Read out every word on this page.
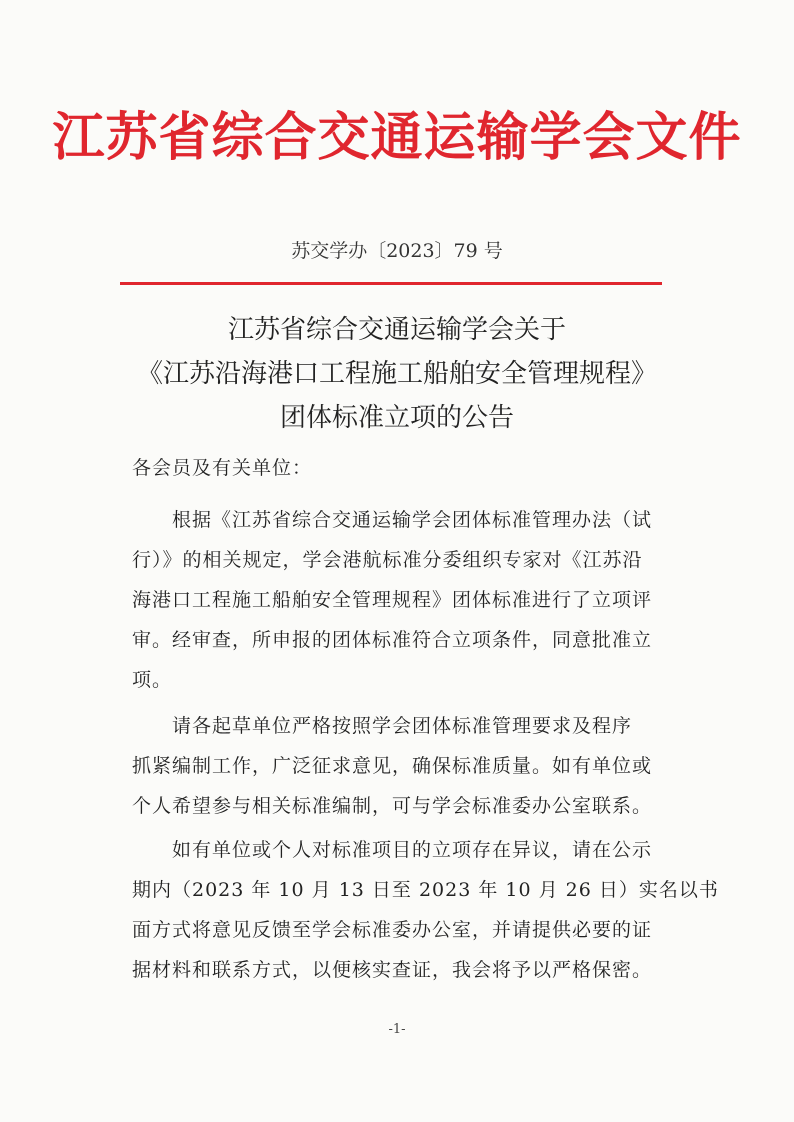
江苏省综合交通运输学会文件
苏交学办〔2023〕79 号
江苏省综合交通运输学会关于
《江苏沿海港口工程施工船舶安全管理规程》
团体标准立项的公告
各会员及有关单位：
根据《江苏省综合交通运输学会团体标准管理办法（试
行）》的相关规定，学会港航标准分委组织专家对《江苏沿
海港口工程施工船舶安全管理规程》团体标准进行了立项评
审。经审查，所申报的团体标准符合立项条件，同意批准立
项。
请各起草单位严格按照学会团体标准管理要求及程序
抓紧编制工作，广泛征求意见，确保标准质量。如有单位或
个人希望参与相关标准编制，可与学会标准委办公室联系。
如有单位或个人对标准项目的立项存在异议，请在公示
期内（2023 年 10 月 13 日至 2023 年 10 月 26 日）实名以书
面方式将意见反馈至学会标准委办公室，并请提供必要的证
据材料和联系方式，以便核实查证，我会将予以严格保密。
-1-
